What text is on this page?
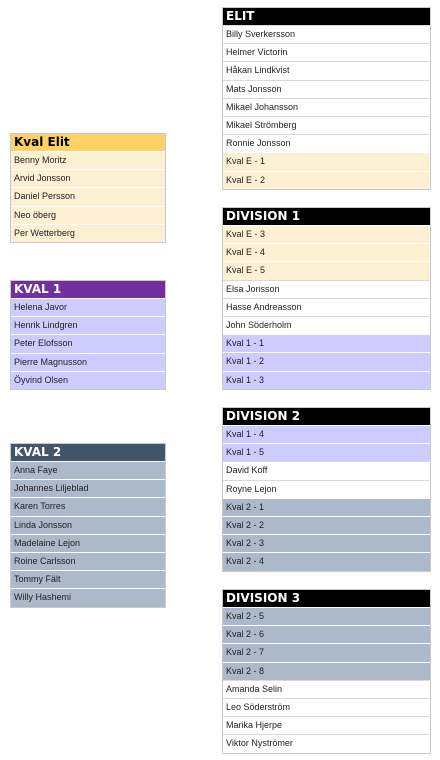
ELIT
Billy Sverkersson
Helmer Victorin
Håkan Lindkvist
Mats Jonsson
Mikael Johansson
Mikael Strömberg
Ronnie Jonsson
Kval E - 1
Kval E - 2
DIVISION 1
Kval E - 3
Kval E - 4
Kval E - 5
Elsa Jonsson
Hasse Andreasson
John Söderholm
Kval 1 - 1
Kval 1 - 2
Kval 1 - 3
DIVISION 2
Kval 1 - 4
Kval 1 - 5
David Koff
Royne Lejon
Kval 2 - 1
Kval 2 - 2
Kval 2 - 3
Kval 2 - 4
DIVISION 3
Kval 2 - 5
Kval 2 - 6
Kval 2 - 7
Kval 2 - 8
Amanda Selin
Leo Söderström
Marika Hjerpe
Viktor Nyströmer
Kval Elit
Benny Moritz
Arvid Jonsson
Daniel Persson
Neo öberg
Per Wetterberg
KVAL 1
Helena Javor
Henrik Lindgren
Peter Elofsson
Pierre Magnusson
Öyvind Olsen
KVAL 2
Anna Faye
Johannes Liljeblad
Karen Torres
Linda Jonsson
Madelaine Lejon
Roine Carlsson
Tommy Fält
Willy Hashemi
